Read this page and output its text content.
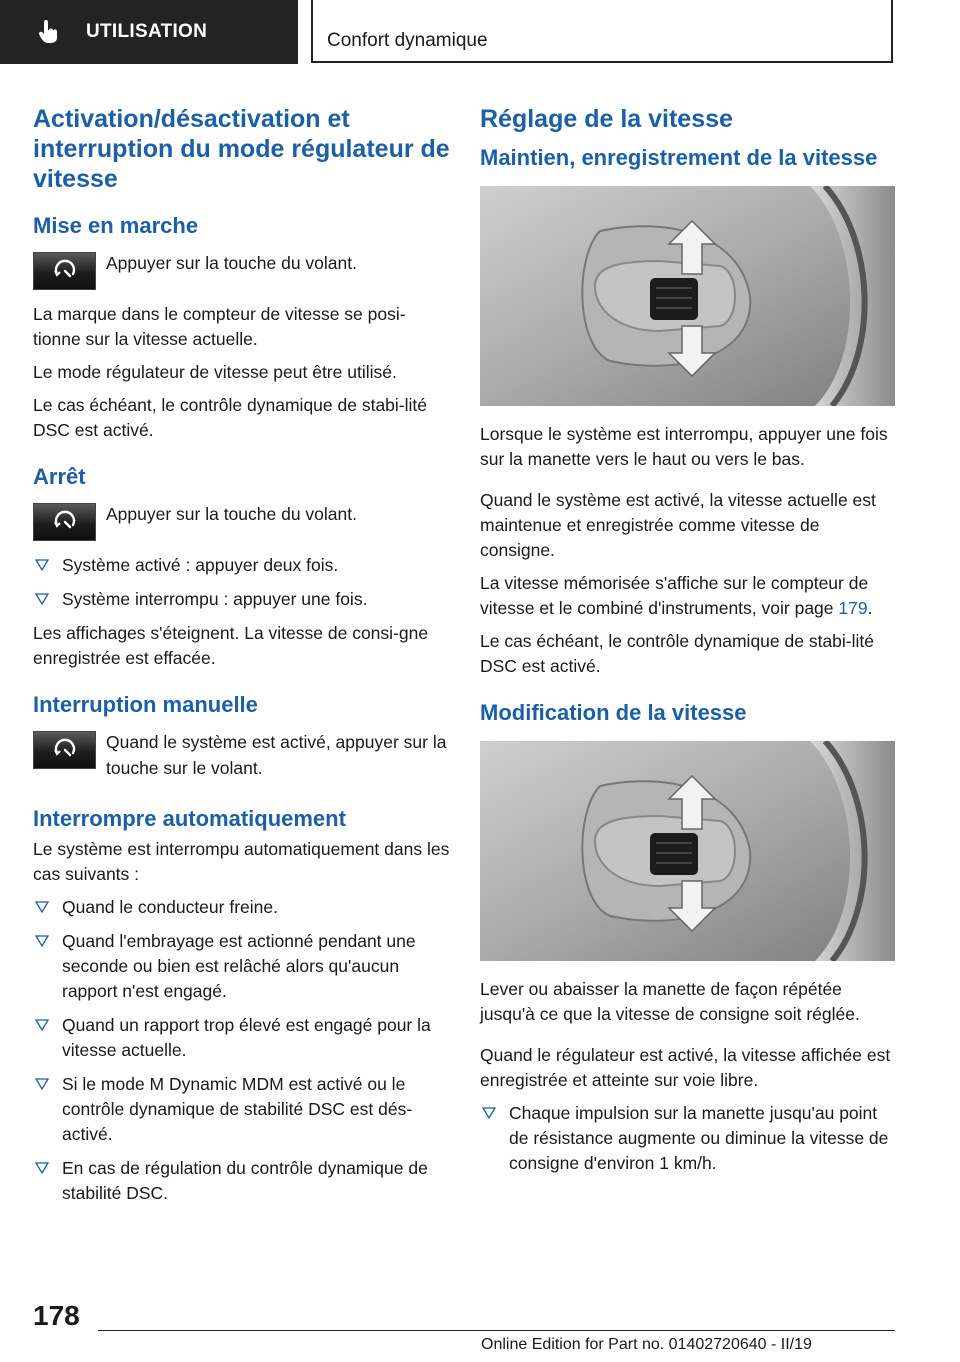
UTILISATION	Confort dynamique
Activation/désactivation et interruption du mode régulateur de vitesse
Mise en marche
Appuyer sur la touche du volant.

La marque dans le compteur de vitesse se posi‐tionne sur la vitesse actuelle.

Le mode régulateur de vitesse peut être utilisé.

Le cas échéant, le contrôle dynamique de stabi‐lité DSC est activé.

Arrêt
Appuyer sur la touche du volant.
Système activé : appuyer deux fois.
Système interrompu : appuyer une fois.

Les affichages s'éteignent. La vitesse de consi‐gne enregistrée est effacée.

Interruption manuelle
Quand le système est activé, appuyer sur la touche sur le volant.
Interrompre automatiquement

Le système est interrompu automatiquement dans les cas suivants :

Quand le conducteur freine.
Quand l'embrayage est actionné pendant une seconde ou bien est relâché alors qu'aucun rapport n'est engagé.
Quand un rapport trop élevé est engagé pour la vitesse actuelle.
Si le mode M Dynamic MDM est activé ou le contrôle dynamique de stabilité DSC est dés‐activé.
En cas de régulation du contrôle dynamique de stabilité DSC.
Réglage de la vitesse
Maintien, enregistrement de la vitesse

Lorsque le système est interrompu, appuyer une fois sur la manette vers le haut ou vers le bas.

Quand le système est activé, la vitesse actuelle est maintenue et enregistrée comme vitesse de consigne.

La vitesse mémorisée s'affiche sur le compteur de vitesse et le combiné d'instruments, voir page 179.

Le cas échéant, le contrôle dynamique de stabi‐lité DSC est activé.

Modification de la vitesse

Lever ou abaisser la manette de façon répétée jusqu'à ce que la vitesse de consigne soit réglée.

Quand le régulateur est activé, la vitesse affichée est enregistrée et atteinte sur voie libre.

Chaque impulsion sur la manette jusqu'au point de résistance augmente ou diminue la vitesse de consigne d'environ 1 km/h.
178
Online Edition for Part no. 01402720640 - II/19
